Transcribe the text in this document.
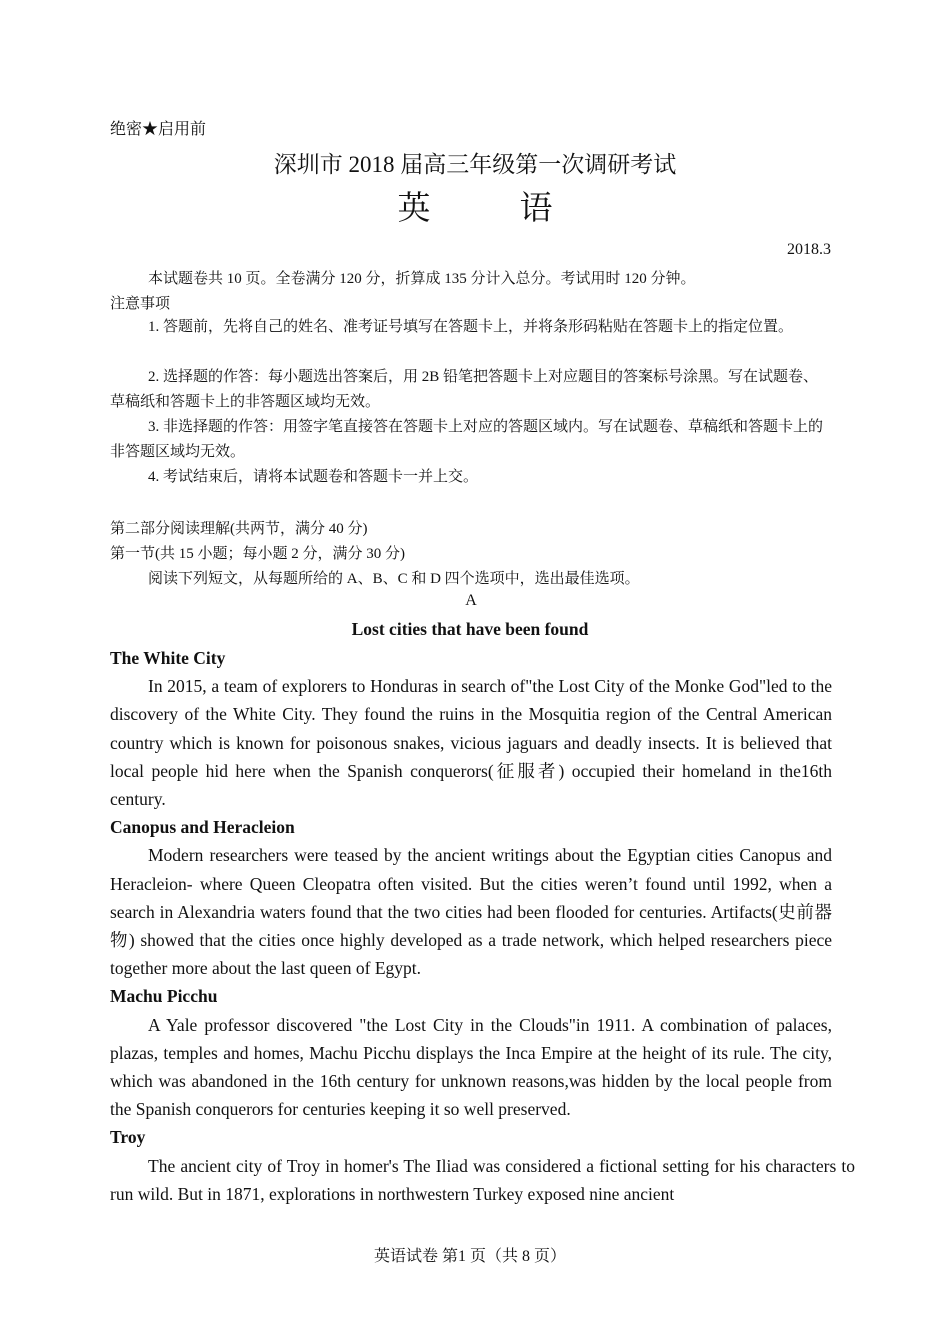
绝密★启用前
深圳市 2018 届高三年级第一次调研考试
英　语
2018.3
本试题卷共 10 页。全卷满分 120 分，折算成 135 分计入总分。考试用时 120 分钟。
注意事项
1. 答题前，先将自己的姓名、准考证号填写在答题卡上，并将条形码粘贴在答题卡上的指定位置。
2. 选择题的作答：每小题选出答案后，用 2B 铅笔把答题卡上对应题目的答案标号涂黑。写在试题卷、草稿纸和答题卡上的非答题区域均无效。
3. 非选择题的作答：用签字笔直接答在答题卡上对应的答题区域内。写在试题卷、草稿纸和答题卡上的非答题区域均无效。
4. 考试结束后，请将本试题卷和答题卡一并上交。
第二部分阅读理解(共两节，满分 40 分)
第一节(共 15 小题；每小题 2 分，满分 30 分)
阅读下列短文，从每题所给的 A、B、C 和 D 四个选项中，选出最佳选项。
A
Lost cities that have been found
The White City
In 2015, a team of explorers to Honduras in search of"the Lost City of the Monke God"led to the discovery of the White City. They found the ruins in the Mosquitia region of the Central American country which is known for poisonous snakes, vicious jaguars and deadly insects. It is believed that local people hid here when the Spanish conquerors(征服者) occupied their homeland in the16th century.
Canopus and Heracleion
Modern researchers were teased by the ancient writings about the Egyptian cities Canopus and Heracleion- where Queen Cleopatra often visited. But the cities weren’t found until 1992, when a search in Alexandria waters found that the two cities had been flooded for centuries. Artifacts(史前器物) showed that the cities once highly developed as a trade network, which helped researchers piece together more about the last queen of Egypt.
Machu Picchu
A Yale professor discovered "the Lost City in the Clouds"in 1911. A combination of palaces, plazas, temples and homes, Machu Picchu displays the Inca Empire at the height of its rule. The city, which was abandoned in the 16th century for unknown reasons,was hidden by the local people from the Spanish conquerors for centuries keeping it so well preserved.
Troy
The ancient city of Troy in homer's The Iliad was considered a fictional setting for his characters to run wild. But in 1871, explorations in northwestern Turkey exposed nine ancient
英语试卷 第1 页（共 8 页）
